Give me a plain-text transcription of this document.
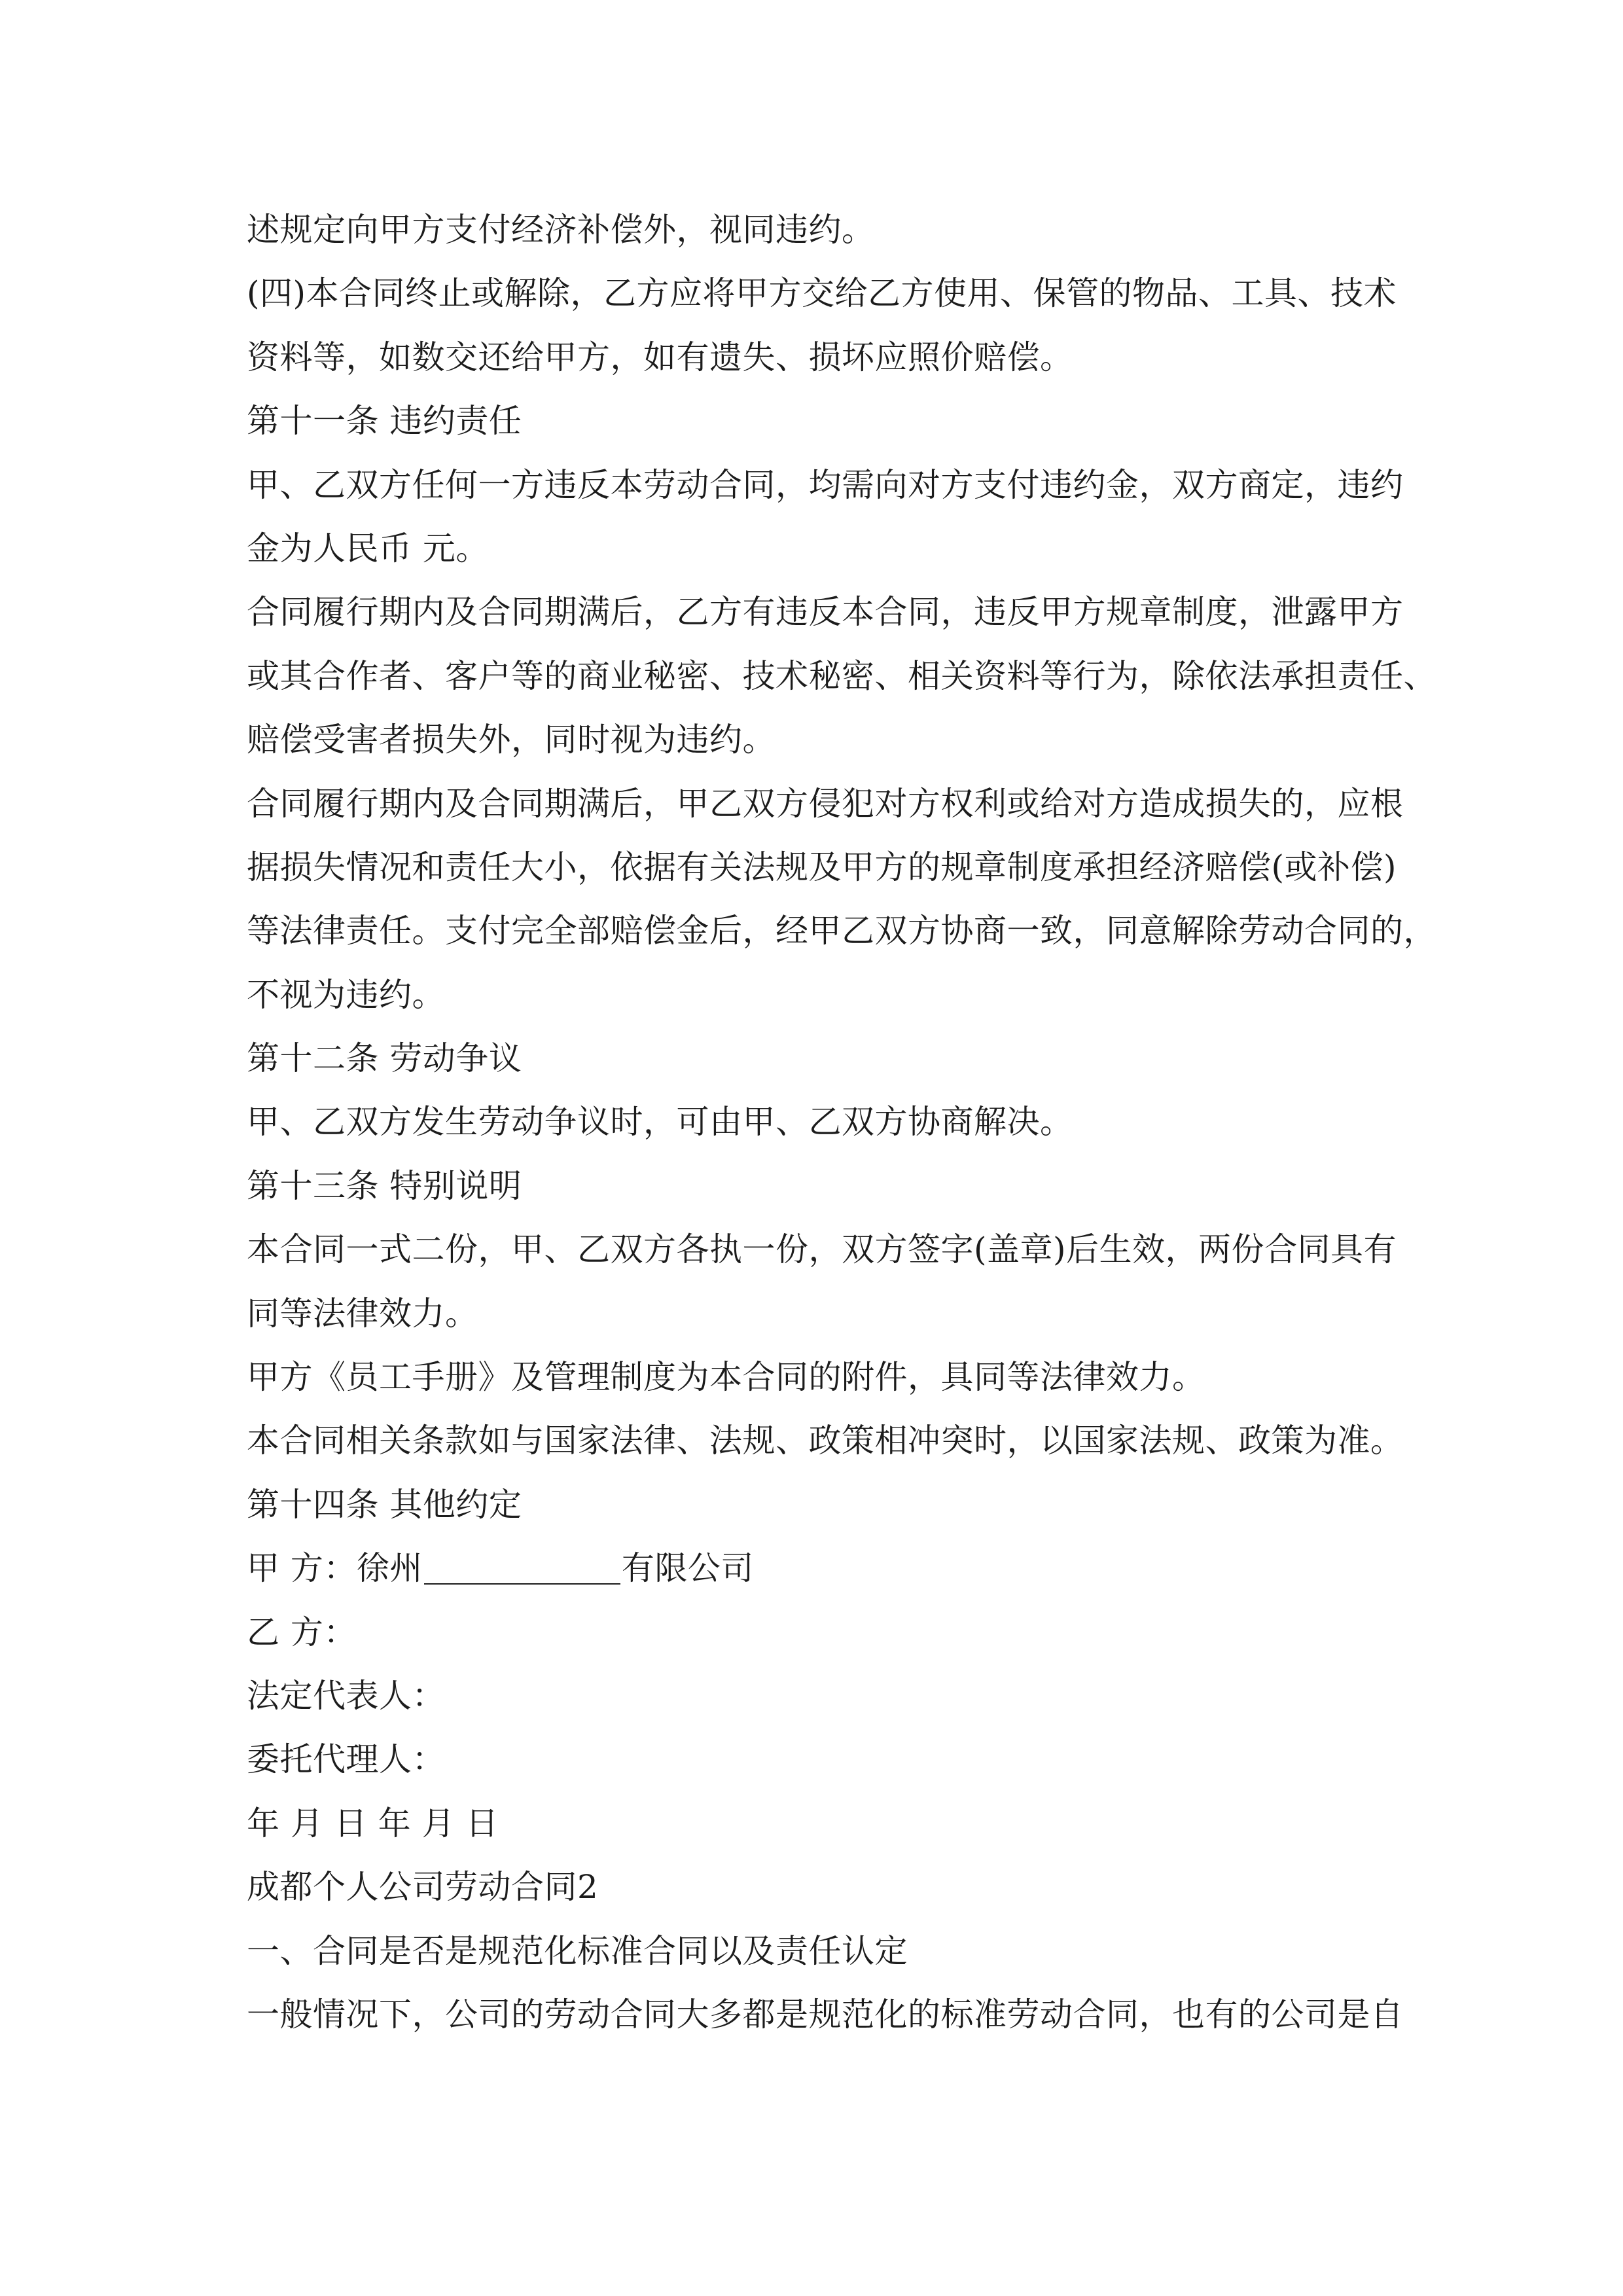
述规定向甲方支付经济补偿外，视同违约。
(四)本合同终止或解除，乙方应将甲方交给乙方使用、保管的物品、工具、技术
资料等，如数交还给甲方，如有遗失、损坏应照价赔偿。
第十一条 违约责任
甲、乙双方任何一方违反本劳动合同，均需向对方支付违约金，双方商定，违约
金为人民币 元。
合同履行期内及合同期满后，乙方有违反本合同，违反甲方规章制度，泄露甲方
或其合作者、客户等的商业秘密、技术秘密、相关资料等行为，除依法承担责任、
赔偿受害者损失外，同时视为违约。
合同履行期内及合同期满后，甲乙双方侵犯对方权利或给对方造成损失的，应根
据损失情况和责任大小，依据有关法规及甲方的规章制度承担经济赔偿(或补偿)
等法律责任。支付完全部赔偿金后，经甲乙双方协商一致，同意解除劳动合同的，
不视为违约。
第十二条 劳动争议
甲、乙双方发生劳动争议时，可由甲、乙双方协商解决。
第十三条 特别说明
本合同一式二份，甲、乙双方各执一份，双方签字(盖章)后生效，两份合同具有
同等法律效力。
甲方《员工手册》及管理制度为本合同的附件，具同等法律效力。
本合同相关条款如与国家法律、法规、政策相冲突时，以国家法规、政策为准。
第十四条 其他约定
甲 方：徐州	有限公司
乙 方：
法定代表人：
委托代理人：
年 月 日 年 月 日
成都个人公司劳动合同2
一、合同是否是规范化标准合同以及责任认定
一般情况下，公司的劳动合同大多都是规范化的标准劳动合同，也有的公司是自
